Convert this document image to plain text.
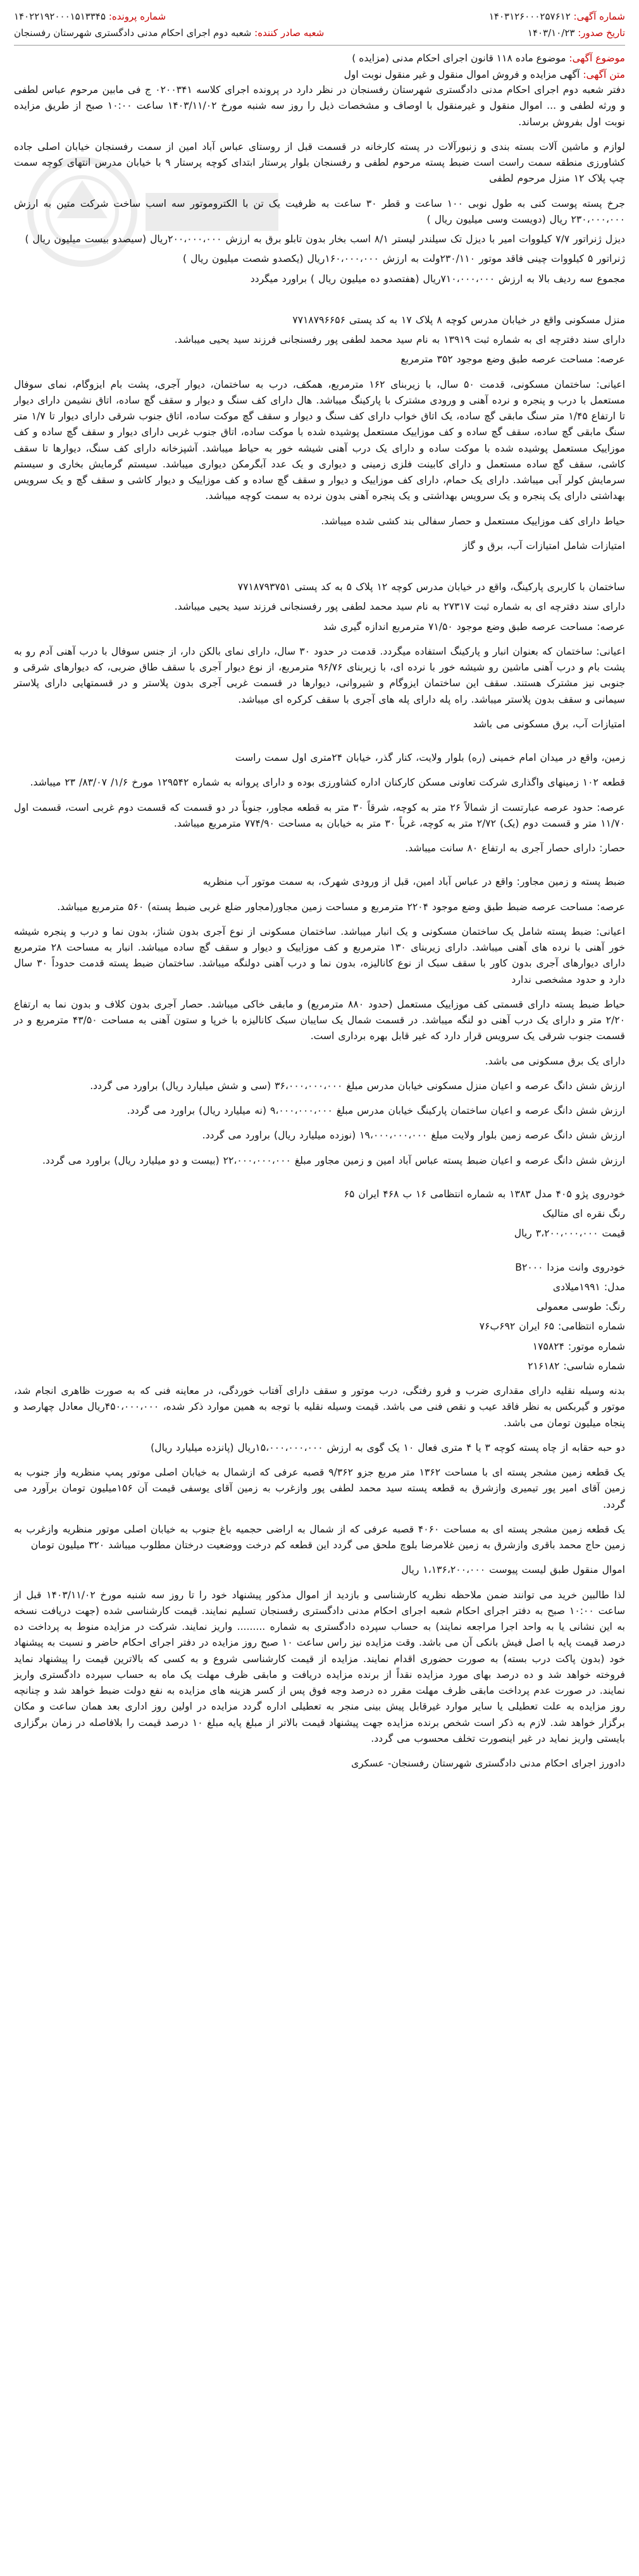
شماره آگهی: ۱۴۰۳۱۲۶۰۰۰۲۵۷۶۱۲
شماره پرونده: ۱۴۰۲۲۱۹۲۰۰۰۱۵۱۳۳۴۵
تاریخ صدور: ۱۴۰۳/۱۰/۲۳
شعبه صادر کننده: شعبه دوم اجرای احکام مدنی دادگستری شهرستان رفسنجان
موضوع آگهی: موضوع ماده ۱۱۸ قانون اجرای احکام مدنی (مزایده )
متن آگهی: آگهی مزایده و فروش اموال منقول و غیر منقول نوبت اول

دفتر شعبه دوم اجرای احکام مدنی دادگستری شهرستان رفسنجان در نظر دارد در پرونده اجرای کلاسه ۰۲۰۰۳۴۱ ج فی مابین مرحوم عباس لطفی و ورثه لطفی و ... اموال منقول و غیرمنقول با اوصاف و مشخصات ذیل را روز سه شنبه مورخ ۱۴۰۳/۱۱/۰۲ ساعت ۱۰:۰۰ صبح از طریق مزایده نوبت اول بفروش برساند.

لوازم و ماشین آلات بسته بندی و زنبورآلات در پسته کارخانه در قسمت قبل از روستای عباس آباد امین از سمت رفسنجان خیابان اصلی جاده کشاورزی منطقه سمت راست است ضبط پسته مرحوم لطفی و رفسنجان بلوار پرستار ابتدای کوچه پرستار ۹ با خیابان مدرس انتهای کوچه سمت چپ پلاک ۱۲ منزل مرحوم لطفی

جرخ پسته پوست کنی به طول نوبی ۱۰۰ ساعت و قطر ۳۰ ساعت به ظرفیت یک تن با الکتروموتور سه اسب ساخت شرکت متین به ارزش ۲۳۰،۰۰۰،۰۰۰ ریال (دویست وسی میلیون ریال )

دیزل ژنراتور ۷/۷ کیلووات امیر با دیزل تک سیلندر لیستر ۸/۱ اسب بخار بدون تابلو برق به ارزش ۲۰۰،۰۰۰،۰۰۰ریال (سیصدو بیست میلیون ریال )

ژنراتور ۵ کیلووات چینی فاقد موتور ۲۳۰/۱۱۰ولت به ارزش ۱۶۰،۰۰۰،۰۰۰ریال (یکصدو شصت میلیون ریال )

مجموع سه ردیف بالا به ارزش ۷۱۰،۰۰۰،۰۰۰ریال (هفتصدو ده میلیون ریال ) براورد میگردد

منزل مسکونی واقع در خیابان مدرس کوچه ۸ پلاک ۱۷ به کد پستی ۷۷۱۸۷۹۶۶۵۶

دارای سند دفترچه ای به شماره ثبت ۱۳۹۱۹ به نام سید محمد لطفی پور رفسنجانی فرزند سید یحیی میباشد.

عرصه: مساحت عرصه طبق وضع موجود ۳۵۲ مترمربع

اعیانی: ساختمان مسکونی، قدمت ۵۰ سال، با زیربنای ۱۶۲ مترمربع، همکف، درب به ساختمان، دیوار آجری، پشت بام ایزوگام، نمای سوفال مستعمل با درب و پنجره و نرده آهنی و ورودی مشترک با پارکینگ میباشد. هال دارای کف سنگ و دیوار و سقف گچ ساده، اتاق نشیمن دارای دیوار تا ارتفاع ۱/۴۵ متر سنگ مابقی گچ ساده، یک اتاق خواب دارای کف سنگ و دیوار و سقف گچ موکت ساده، اتاق جنوب شرقی دارای دیوار تا ۱/۷ متر سنگ مابقی گچ ساده، سقف گچ ساده و کف موزاییک مستعمل پوشیده شده با موکت ساده، اتاق جنوب غربی دارای دیوار و سقف گچ ساده و کف موزاییک مستعمل پوشیده شده با موکت ساده و دارای یک درب آهنی شیشه خور به حیاط میباشد. آشپزخانه دارای کف سنگ، دیوارها تا سقف کاشی، سقف گچ ساده مستعمل و دارای کابینت فلزی زمینی و دیواری و یک عدد آبگرمکن دیواری میباشد. سیستم گرمایش بخاری و سیستم سرمایش کولر آبی میباشد. دارای یک حمام، دارای کف موزاییک و دیوار و سقف گچ ساده و کف موزاییک و دیوار کاشی و سقف گچ و یک سرویس بهداشتی دارای یک پنجره و یک سرویس بهداشتی و یک پنجره آهنی بدون نرده به سمت کوچه میباشد.

حیاط دارای کف موزاییک مستعمل و حصار سفالی بند کشی شده میباشد.

امتیازات شامل امتیازات آب، برق و گاز

ساختمان با کاربری پارکینگ، واقع در خیابان مدرس کوچه ۱۲ پلاک ۵ به کد پستی ۷۷۱۸۷۹۳۷۵۱

دارای سند دفترچه ای به شماره ثبت ۲۷۳۱۷ به نام سید محمد لطفی پور رفسنجانی فرزند سید یحیی میباشد.

عرصه: مساحت عرصه طبق وضع موجود ۷۱/۵۰ مترمربع اندازه گیری شد

اعیانی: ساختمان که بعنوان انبار و پارکینگ استفاده میگردد. قدمت در حدود ۳۰ سال، دارای نمای بالکن دار، از جنس سوفال با درب آهنی آدم رو به پشت بام و درب آهنی ماشین رو شیشه خور با نرده ای، با زیربنای ۹۶/۷۶ مترمربع، از نوع دیوار آجری با سقف طاق ضربی، که دیوارهای شرقی و جنوبی نیز مشترک هستند. سقف این ساختمان ایزوگام و شیروانی، دیوارها در قسمت غربی آجری بدون پلاستر و در قسمتهایی دارای پلاستر سیمانی و سقف بدون پلاستر میباشد. راه پله دارای پله های آجری با سقف کرکره ای میباشد.

امتیازات آب، برق مسکونی می باشد

زمین، واقع در میدان امام خمینی (ره) بلوار ولایت، کنار گذر، خیابان ۲۴متری اول سمت راست

قطعه ۱۰۲ زمینهای واگذاری شرکت تعاونی مسکن کارکنان اداره کشاورزی بوده و دارای پروانه به شماره ۱۲۹۵۴۲ مورخ ۱/۶/ ۸۳/۰۷/ ۲۳ میباشد.

عرصه: حدود عرصه عبارتست از شمالاً ۲۶ متر به کوچه، شرقاً ۳۰ متر به قطعه مجاور، جنوباً در دو قسمت که قسمت دوم غربی است، قسمت اول ۱۱/۷۰ متر و قسمت دوم (یک) ۲/۷۲ متر به کوچه، غرباً ۳۰ متر به خیابان به مساحت ۷۷۴/۹۰ مترمربع میباشد.

حصار: دارای حصار آجری به ارتفاع ۸۰ سانت میباشد.

ضبط پسته و زمین مجاور: واقع در عباس آباد امین، قبل از ورودی شهرک، به سمت موتور آب منظریه

عرصه: مساحت عرصه ضبط طبق وضع موجود ۲۲۰۴ مترمربع و مساحت زمین مجاور(مجاور ضلع غربی ضبط پسته) ۵۶۰ مترمربع میباشد.

اعیانی: ضبط پسته شامل یک ساختمان مسکونی و یک انبار میباشد. ساختمان مسکونی از نوع آجری بدون شناژ، بدون نما و درب و پنجره شیشه خور آهنی با نرده های آهنی میباشد. دارای زیربنای ۱۳۰ مترمربع و کف موزاییک و دیوار و سقف گچ ساده میباشد. انبار به مساحت ۲۸ مترمربع دارای دیوارهای آجری بدون کاور با سقف سبک از نوع کانالیزه، بدون نما و درب آهنی دولنگه میباشد. ساختمان ضبط پسته قدمت حدوداً ۳۰ سال دارد و حدود مشخصی ندارد

حیاط ضبط پسته دارای قسمتی کف موزاییک مستعمل (حدود ۸۸۰ مترمربع) و مابقی خاکی میباشد. حصار آجری بدون کلاف و بدون نما به ارتفاع ۲/۲۰ متر و دارای یک درب آهنی دو لنگه میباشد. در قسمت شمال یک سایبان سبک کانالیزه با خرپا و ستون آهنی به مساحت ۴۳/۵۰ مترمربع و در قسمت جنوب شرقی یک سرویس قرار دارد که غیر قابل بهره برداری است.

دارای یک برق مسکونی می باشد.

ارزش شش دانگ عرصه و اعیان منزل مسکونی خیابان مدرس مبلغ ۳۶،۰۰۰،۰۰۰،۰۰۰ (سی و شش میلیارد ریال) براورد می گردد.

ارزش شش دانگ عرصه و اعیان ساختمان پارکینگ خیابان مدرس مبلغ ۹،۰۰۰،۰۰۰،۰۰۰ (نه میلیارد ریال) براورد می گردد.

ارزش شش دانگ عرصه زمین بلوار ولایت مبلغ ۱۹،۰۰۰،۰۰۰،۰۰۰ (نوزده میلیارد ریال) براورد می گردد.

ارزش شش دانگ عرصه و اعیان ضبط پسته عباس آباد امین و زمین مجاور مبلغ ۲۲،۰۰۰،۰۰۰،۰۰۰ (بیست و دو میلیارد ریال) براورد می گردد.

خودروی پژو ۴۰۵ مدل ۱۳۸۳ به شماره انتظامی ۱۶ ب ۴۶۸ ایران ۶۵

رنگ نقره ای متالیک

قیمت ۳،۲۰۰،۰۰۰،۰۰۰ ریال

خودروی وانت مزدا B۲۰۰۰

مدل: ۱۹۹۱میلادی

رنگ: طوسی معمولی

شماره انتظامی: ۶۵ ایران ۶۹۲ب۷۶

شماره موتور: ۱۷۵۸۲۴

شماره شاسی: ۲۱۶۱۸۲

بدنه وسیله نقلیه دارای مقداری ضرب و فرو رفتگی، درب موتور و سقف دارای آفتاب خوردگی، در معاینه فنی که به صورت ظاهری انجام شد، موتور و گیربکس به نظر فاقد عیب و نقص فنی می باشد. قیمت وسیله نقلیه با توجه به همین موارد ذکر شده، ۴۵۰،۰۰۰،۰۰۰ریال معادل چهارصد و پنجاه میلیون تومان می باشد.

دو حبه حقابه از چاه پسته کوچه ۳ یا ۴ متری فعال ۱۰ یک گوی به ارزش ۱۵،۰۰۰،۰۰۰،۰۰۰ریال (پانزده میلیارد ریال)

یک قطعه زمین مشجر پسته ای با مساحت ۱۳۶۲ متر مربع جزو ۹/۳۶۲ قصبه عرفی که ازشمال به خیابان اصلی موتور پمپ منظریه واز جنوب به زمین آقای امیر پور تیمیری وازشرق به قطعه پسته سید محمد لطفی پور وازغرب به زمین آقای یوسفی قیمت آن ۱۵۶میلیون تومان برآورد می گردد.

یک قطعه زمین مشجر پسته ای به مساحت ۴۰۶۰ قصبه عرفی که از شمال به اراضی حجمیه باغ جنوب به خیابان اصلی موتور منظریه وازغرب به زمین حاج محمد باقری وازشرق به زمین غلامرضا بلوچ ملحق می گردد این قطعه کم درخت ووضعیت درختان مطلوب میباشد ۳۲۰ میلیون تومان

اموال منقول طبق لیست پیوست ۱،۱۳۶،۲۰۰،۰۰۰ ریال

لذا طالبین خرید می توانند ضمن ملاحظه نظریه کارشناسی و بازدید از اموال مذکور پیشنهاد خود را تا روز سه شنبه مورخ ۱۴۰۳/۱۱/۰۲ قبل از ساعت ۱۰:۰۰ صبح به دفتر اجرای احکام شعبه اجرای احکام مدنی دادگستری رفسنجان تسلیم نمایند. قیمت کارشناسی شده (جهت دریافت نسخه به این نشانی یا به واحد اجرا مراجعه نمایند) به حساب سپرده دادگستری به شماره ......... واریز نمایند. شرکت در مزایده منوط به پرداخت ده درصد قیمت پایه با اصل فیش بانکی آن می باشد. وقت مزایده نیز راس ساعت ۱۰ صبح روز مزایده در دفتر اجرای احکام حاضر و نسبت به پیشنهاد خود (بدون پاکت درب بسته) به صورت حضوری اقدام نمایند. مزایده از قیمت کارشناسی شروع و به کسی که بالاترین قیمت را پیشنهاد نماید فروخته خواهد شد و ده درصد بهای مورد مزایده نقداً از برنده مزایده دریافت و مابقی ظرف مهلت یک ماه به حساب سپرده دادگستری واریز نمایند. در صورت عدم پرداخت مابقی ظرف مهلت مقرر ده درصد وجه فوق پس از کسر هزینه های مزایده به نفع دولت ضبط خواهد شد و چنانچه روز مزایده به علت تعطیلی یا سایر موارد غیرقابل پیش بینی منجر به تعطیلی اداره گردد مزایده در اولین روز اداری بعد همان ساعت و مکان برگزار خواهد شد. لازم به ذکر است شخص برنده مزایده جهت پیشنهاد قیمت بالاتر از مبلغ پایه مبلغ ۱۰ درصد قیمت را بلافاصله در زمان برگزاری بایستی واریز نماید در غیر اینصورت تخلف محسوب می گردد.

دادورز اجرای احکام مدنی دادگستری شهرستان رفسنجان- عسکری
